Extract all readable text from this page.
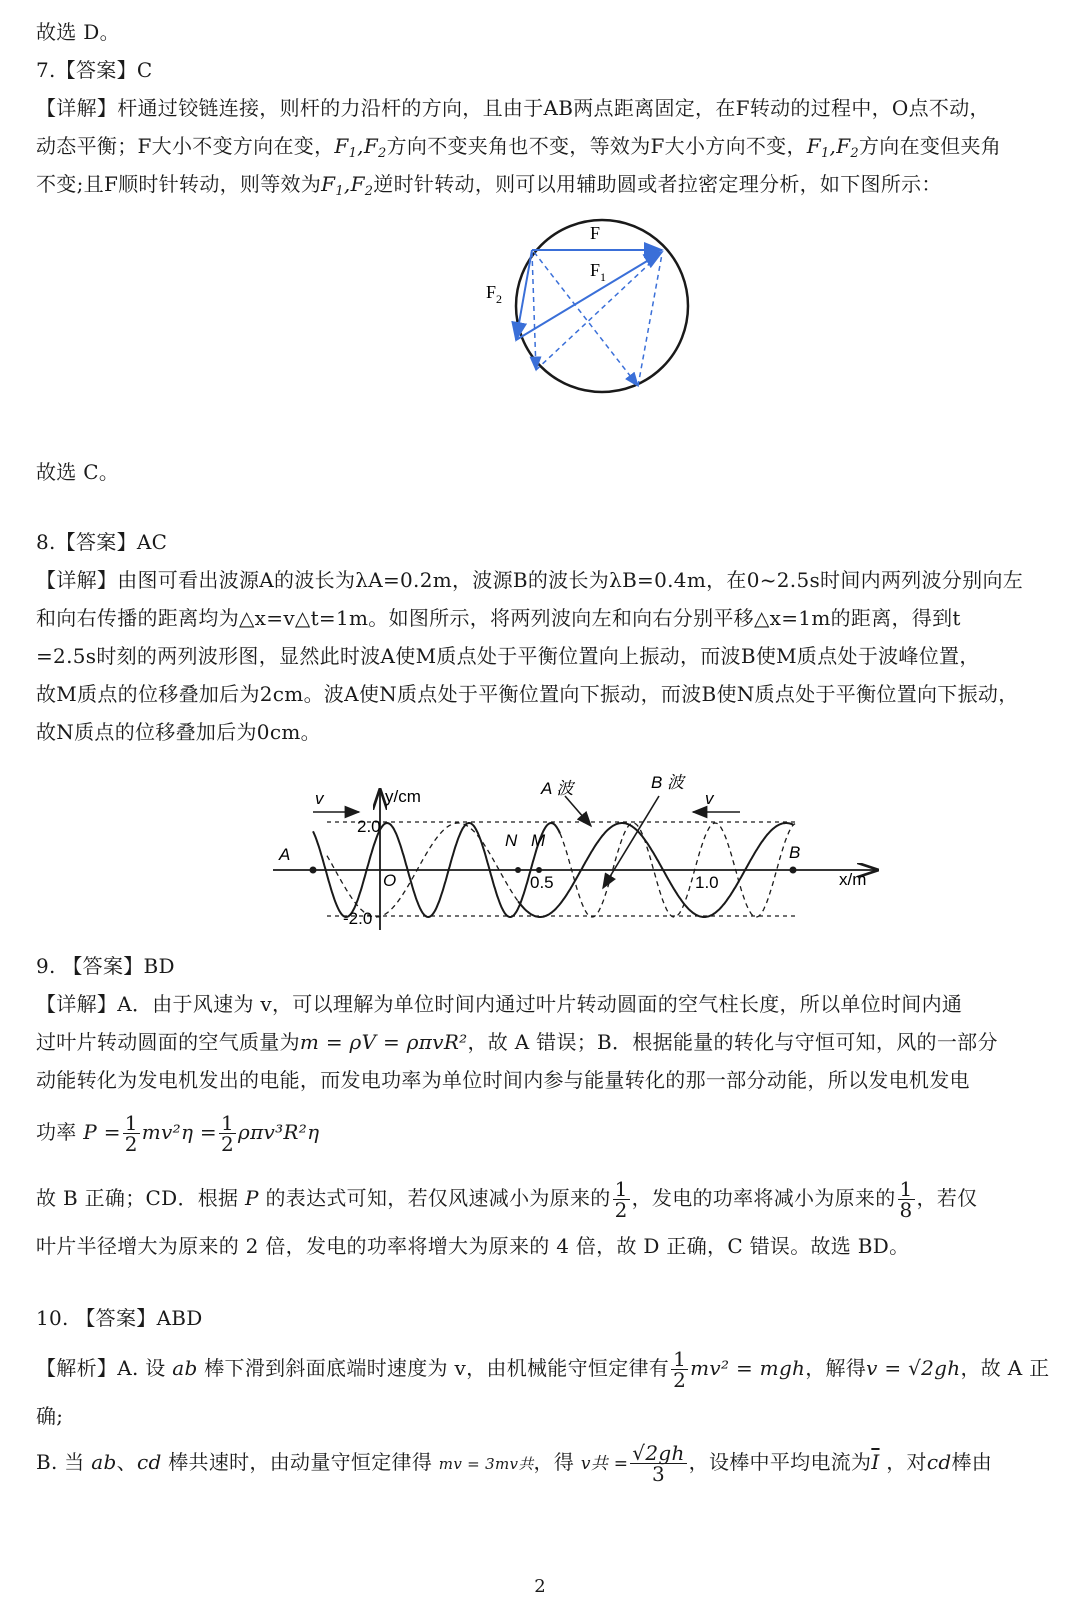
故选 D。
7.【答案】C
【详解】杆通过铰链连接，则杆的力沿杆的方向，且由于AB两点距离固定，在F转动的过程中，O点不动，
动态平衡；F大小不变方向在变，$F_1,F_2$方向不变夹角也不变，等效为F大小方向不变，$F_1,F_2$方向在变但夹角
不变;且F顺时针转动，则等效为$F_1,F_2$逆时针转动，则可以用辅助圆或者拉密定理分析，如下图所示：
F
$F_1$
$F_2$
故选 C。
8.【答案】AC
【详解】由图可看出波源A的波长为λA=0.2m，波源B的波长为λB=0.4m，在0~2.5s时间内两列波分别向左
和向右传播的距离均为△x=v△t=1m。如图所示，将两列波向左和向右分别平移△x=1m的距离，得到t
=2.5s时刻的两列波形图，显然此时波A使M质点处于平衡位置向上振动，而波B使M质点处于波峰位置，
故M质点的位移叠加后为2cm。波A使N质点处于平衡位置向下振动，而波B使N质点处于平衡位置向下振动，
故N质点的位移叠加后为0cm。
v	v
y/cm
x/m
2.0
-2.0
O	0.5	1.0
A	B
N M
A 波	B 波
9. 【答案】BD
【详解】A．由于风速为 v，可以理解为单位时间内通过叶片转动圆面的空气柱长度，所以单位时间内通
过叶片转动圆面的空气质量为m = ρV = ρπvR²，故 A 错误；B．根据能量的转化与守恒可知，风的一部分
动能转化为发电机发出的电能，而发电功率为单位时间内参与能量转化的那一部分动能，所以发电机发电
功率 $P = \frac{1}{2} mv^2\eta = \frac{1}{2} \rho\pi v^3R^2\eta$
故 B 正确；CD．根据 P 的表达式可知，若仅风速减小为原来的 $\frac{1}{2}$ ，发电的功率将减小为原来的 $\frac{1}{8}$ ，若仅
叶片半径增大为原来的 2 倍，发电的功率将增大为原来的 4 倍，故 D 正确，C 错误。故选 BD。
10. 【答案】ABD
【解析】A. 设 ab 棒下滑到斜面底端时速度为 v，由机械能守恒定律有 $\frac{1}{2} mv^2$ = mgh，解得v = √2gh，故 A 正
确;
B. 当 ab、cd 棒共速时，由动量守恒定律得 mv = 3mv共，得 v共 = $\frac{√2gh}{3}$ ，设棒中平均电流为$\overline{I}$ ，对cd棒由
2
